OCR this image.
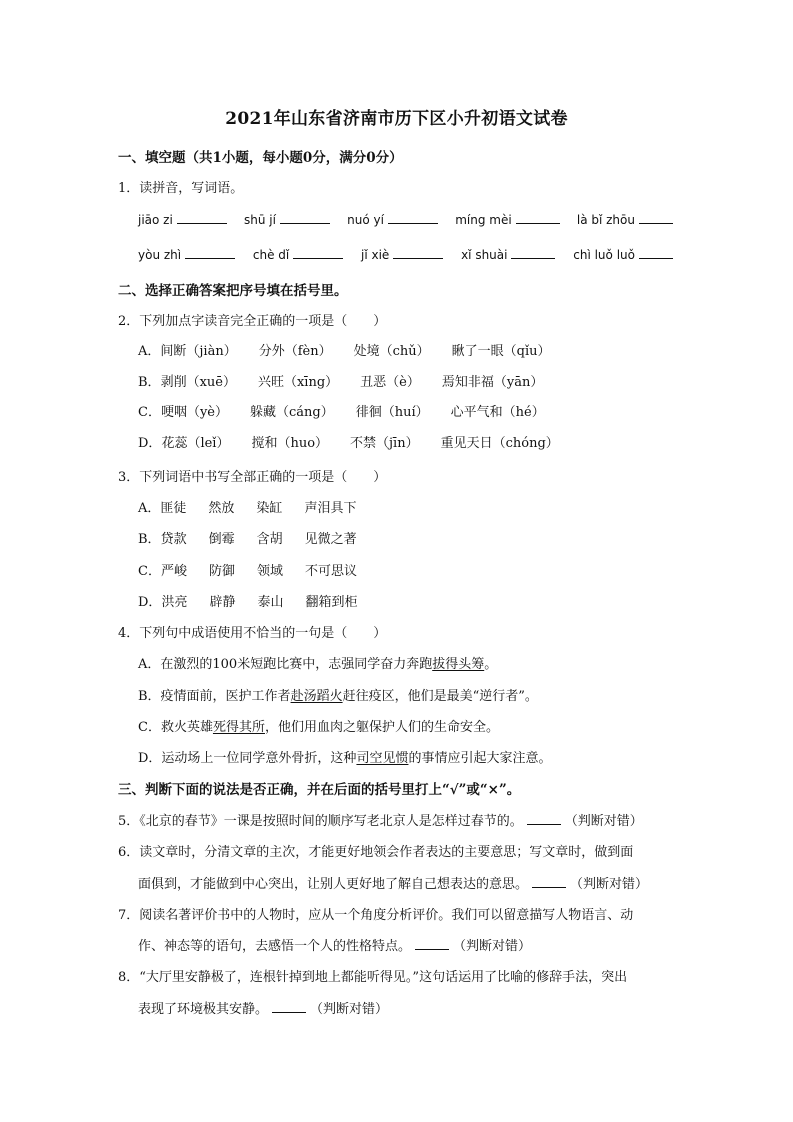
2021年山东省济南市历下区小升初语文试卷
一、填空题（共1小题，每小题0分，满分0分）
1．读拼音，写词语。
jiāo zi	shū jí	nuó yí	míng mèi	là bǐ zhōu
yòu zhì	chè dǐ	jǐ xiè	xǐ shuài	chì luǒ luǒ
二、选择正确答案把序号填在括号里。
2．下列加点字读音完全正确的一项是（　　）
A．间断（jiàn） 分外（fèn） 处境（chǔ） 瞅了一眼（qǐu）
B．剥削（xuē） 兴旺（xīng） 丑恶（è） 焉知非福（yān）
C．哽咽（yè） 躲藏（cáng） 徘徊（huí） 心平气和（hé）
D．花蕊（leǐ） 搅和（huo） 不禁（jīn） 重见天日（chóng）
3．下列词语中书写全部正确的一项是（　　）
A．匪徒 然放 染缸 声泪具下
B．贷款 倒霉 含胡 见微之著
C．严峻 防御 领域 不可思议
D．洪亮 辟静 泰山 翻箱到柜
4．下列句中成语使用不恰当的一句是（　　）
A．在激烈的100米短跑比赛中，志强同学奋力奔跑拔得头筹。
B．疫情面前，医护工作者赴汤蹈火赶往疫区，他们是最美“逆行者”。
C．救火英雄死得其所，他们用血肉之躯保护人们的生命安全。
D．运动场上一位同学意外骨折，这种司空见惯的事情应引起大家注意。
三、判断下面的说法是否正确，并在后面的括号里打上“√”或“×”。
5．《北京的春节》一课是按照时间的顺序写老北京人是怎样过春节的。	（判断对错）
6．读文章时，分清文章的主次，才能更好地领会作者表达的主要意思；写文章时，做到面
面俱到，才能做到中心突出，让别人更好地了解自己想表达的意思。	（判断对错）
7．阅读名著评价书中的人物时，应从一个角度分析评价。我们可以留意描写人物语言、动
作、神态等的语句，去感悟一个人的性格特点。	（判断对错）
8．“大厅里安静极了，连根针掉到地上都能听得见。”这句话运用了比喻的修辞手法，突出
表现了环境极其安静。	（判断对错）
